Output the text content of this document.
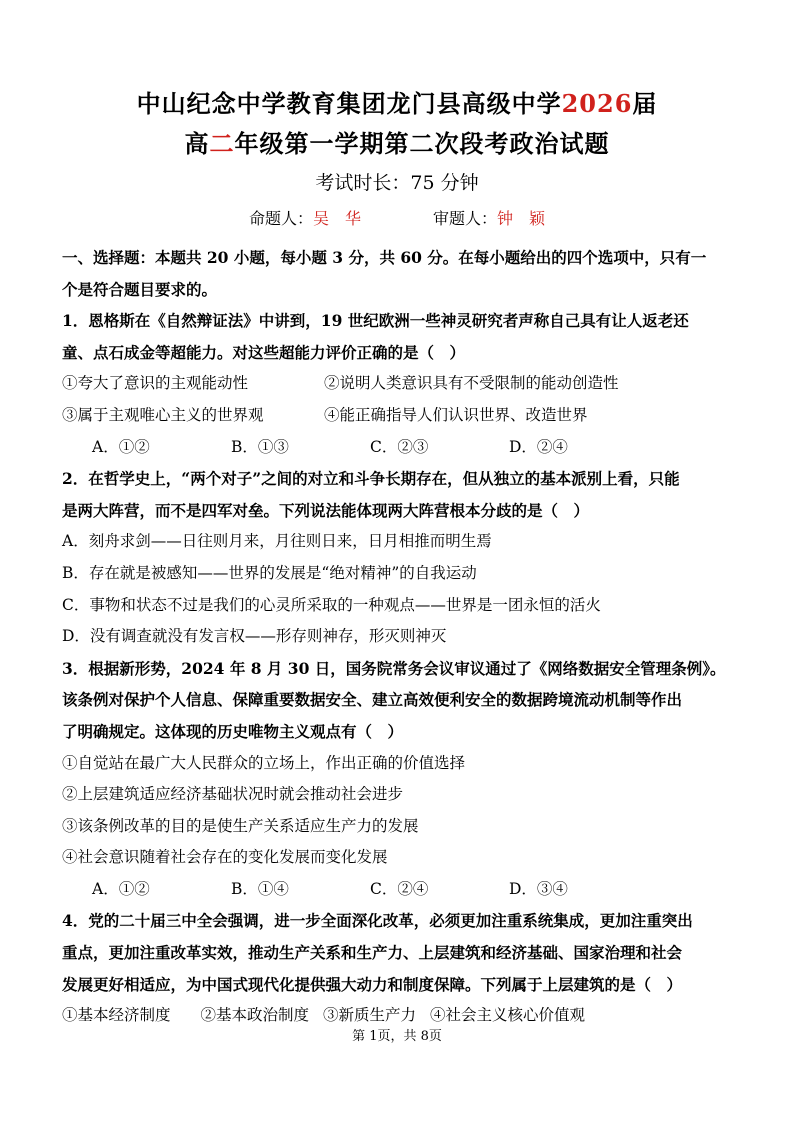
中山纪念中学教育集团龙门县高级中学2026届
高二年级第一学期第二次段考政治试题
考试时长：75 分钟
命题人：吴　华	审题人：钟　颖
一、选择题：本题共 20 小题，每小题 3 分，共 60 分。在每小题给出的四个选项中，只有一
个是符合题目要求的。
1．恩格斯在《自然辩证法》中讲到，19 世纪欧洲一些神灵研究者声称自己具有让人返老还
童、点石成金等超能力。对这些超能力评价正确的是（　）
①夸大了意识的主观能动性	②说明人类意识具有不受限制的能动创造性
③属于主观唯心主义的世界观	④能正确指导人们认识世界、改造世界
A．①②	B．①③	C．②③	D．②④
2．在哲学史上，“两个对子”之间的对立和斗争长期存在，但从独立的基本派别上看，只能
是两大阵营，而不是四军对垒。下列说法能体现两大阵营根本分歧的是（　）
A．刻舟求剑——日往则月来，月往则日来，日月相推而明生焉
B．存在就是被感知——世界的发展是“绝对精神”的自我运动
C．事物和状态不过是我们的心灵所采取的一种观点——世界是一团永恒的活火
D．没有调查就没有发言权——形存则神存，形灭则神灭
3．根据新形势，2024 年 8 月 30 日，国务院常务会议审议通过了《网络数据安全管理条例》。
该条例对保护个人信息、保障重要数据安全、建立高效便利安全的数据跨境流动机制等作出
了明确规定。这体现的历史唯物主义观点有（　）
①自觉站在最广大人民群众的立场上，作出正确的价值选择
②上层建筑适应经济基础状况时就会推动社会进步
③该条例改革的目的是使生产关系适应生产力的发展
④社会意识随着社会存在的变化发展而变化发展
A．①②	B．①④	C．②④	D．③④
4．党的二十届三中全会强调，进一步全面深化改革，必须更加注重系统集成，更加注重突出
重点，更加注重改革实效，推动生产关系和生产力、上层建筑和经济基础、国家治理和社会
发展更好相适应，为中国式现代化提供强大动力和制度保障。下列属于上层建筑的是（　）
①基本经济制度 ②基本政治制度 ③新质生产力 ④社会主义核心价值观
第 1页，共 8页
